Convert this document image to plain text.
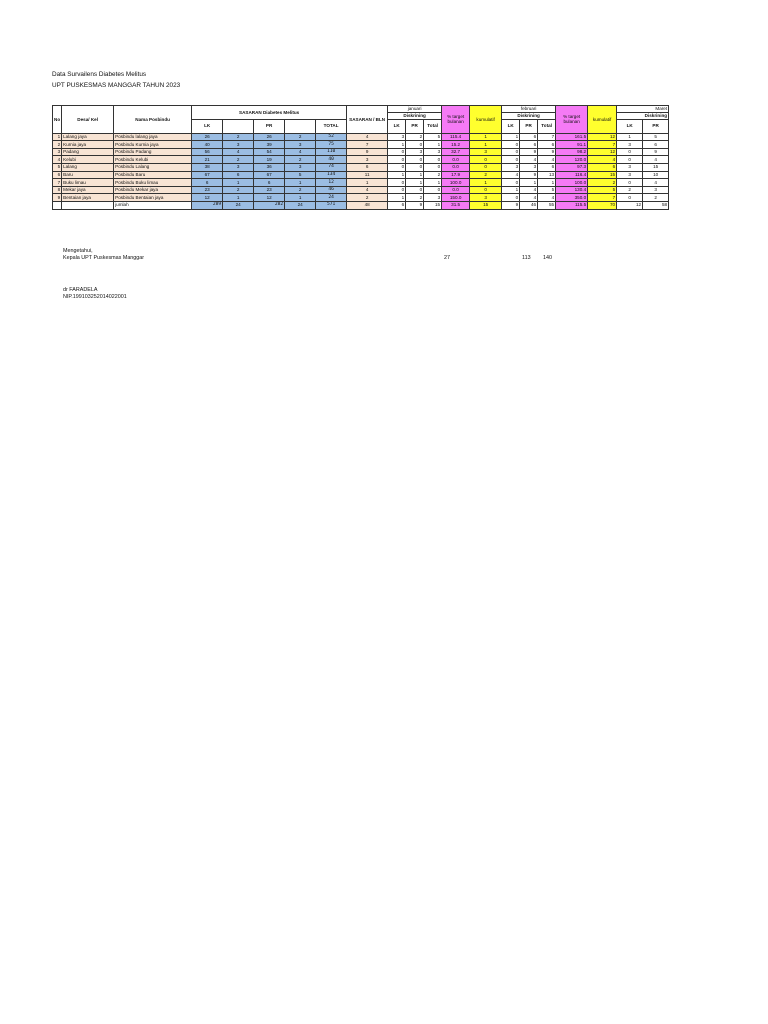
Data Survailens Diabetes Melitus
UPT PUSKESMAS MANGGAR TAHUN 2023
No	Desa/ Kel	Nama Posbindu	SASARAN Diabetes Melitus					SASARAN / BLN	januari			% target bulanan	kumulatif	februari			% target bulanan	kumulatif	Maret	
									Diskrining					Diskrining					Diskrining	
			LK		PR		TOTAL		LK	PR	Total			LK	PR	Total			LK	PR
1	Lalang jaya	Posbindu lalang jaya	26	2	26	2	52	4	3	2	5	115.4	1	1	6	7	161.5	12	1	5
2	Kurnia jaya	Posbindu Kurnia jaya	40	3	39	3	75	7	1	0	1	15.2	1	0	6	6	91.1	7	3	6
3	Padang	Posbindu Padang	56	4	54	4	110	9	0	3	3	32.7	3	0	9	9	98.2	12	0	9
4	Kelubi	Posbindu Kelubi	21	2	19	2	40	3	0	0	0	0.0	0	0	4	4	120.0	4	0	4
5	Lalang	Posbindu Lalang	38	3	36	3	74	6	0	0	0	0.0	0	3	3	6	97.3	6	3	15
6	Baru	Posbindu Baru	67	6	67	5	134	11	1	1	2	17.9	2	4	9	13	116.4	15	3	10
7	Buku limau	Posbindu Buku limau	6	1	6	1	12	1	0	1	1	100.0	1	0	1	1	100.0	2	0	4
8	Mekar jaya	Posbindu Mekar jaya	23	2	23	2	46	4	0	0	0	0.0	0	1	4	5	130.4	5	2	3
9	Bentaian jaya	Posbindu Bentaian jaya	12	1	12	1	24	2	1	2	3	150.0	3	0	4	4	350.0	7	0	2
		jumlah	289	24	282	24	571	48	6	9	15	31.5	15	9	46	55	115.5	70	12	58
Mengetahui,
Kepala UPT Puskesmas Manggar	27	113 140
dr FARADELA
NIP.199103252014022001
